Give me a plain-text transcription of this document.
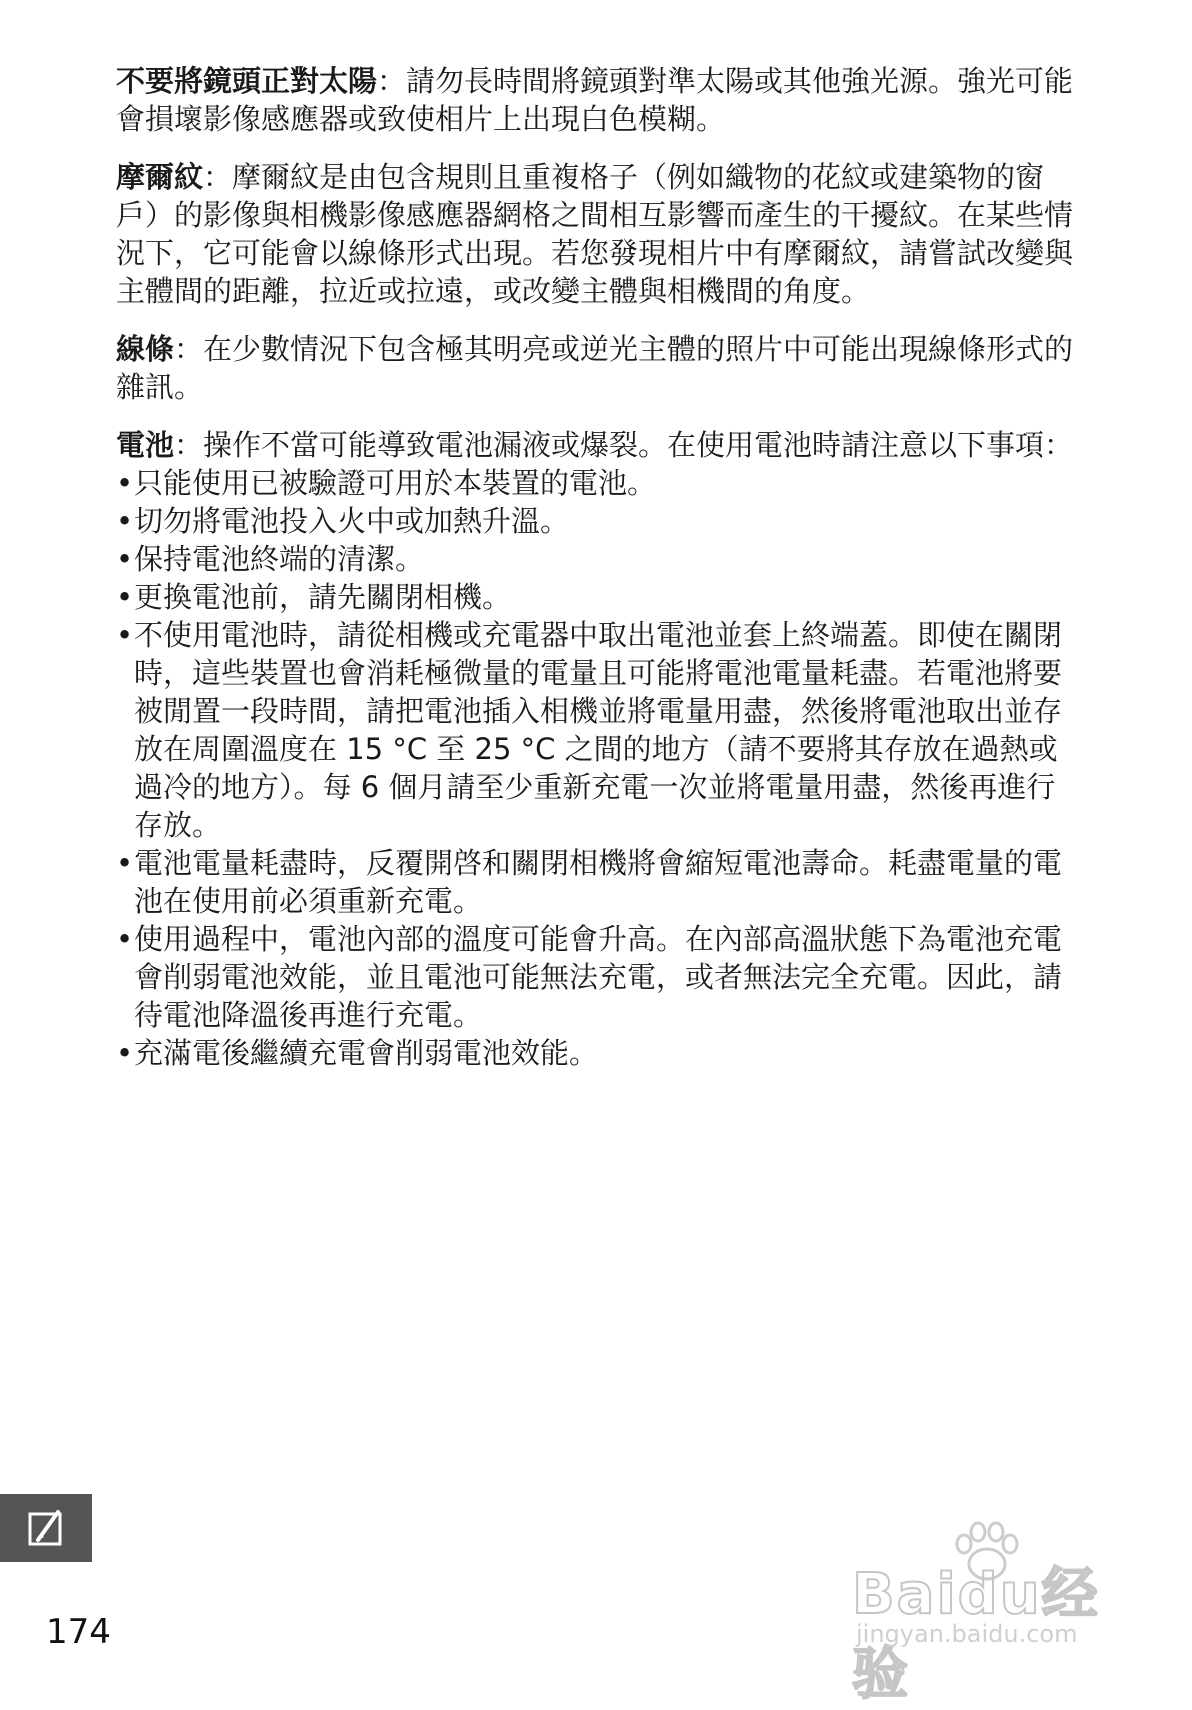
不要將鏡頭正對太陽：請勿長時間將鏡頭對準太陽或其他強光源。強光可能會損壞影像感應器或致使相片上出現白色模糊。

摩爾紋：摩爾紋是由包含規則且重複格子（例如織物的花紋或建築物的窗戶）的影像與相機影像感應器網格之間相互影響而產生的干擾紋。在某些情況下，它可能會以線條形式出現。若您發現相片中有摩爾紋，請嘗試改變與主體間的距離，拉近或拉遠，或改變主體與相機間的角度。

線條：在少數情況下包含極其明亮或逆光主體的照片中可能出現線條形式的雜訊。

電池：操作不當可能導致電池漏液或爆裂。在使用電池時請注意以下事項：

• 只能使用已被驗證可用於本裝置的電池。
• 切勿將電池投入火中或加熱升溫。
• 保持電池終端的清潔。
• 更換電池前，請先關閉相機。
• 不使用電池時，請從相機或充電器中取出電池並套上終端蓋。即使在關閉時，這些裝置也會消耗極微量的電量且可能將電池電量耗盡。若電池將要被閒置一段時間，請把電池插入相機並將電量用盡，然後將電池取出並存放在周圍溫度在 15 °C 至 25 °C 之間的地方（請不要將其存放在過熱或過冷的地方）。每 6 個月請至少重新充電一次並將電量用盡，然後再進行存放。
• 電池電量耗盡時，反覆開啓和關閉相機將會縮短電池壽命。耗盡電量的電池在使用前必須重新充電。
• 使用過程中，電池內部的溫度可能會升高。在內部高溫狀態下為電池充電會削弱電池效能，並且電池可能無法充電，或者無法完全充電。因此，請待電池降溫後再進行充電。
• 充滿電後繼續充電會削弱電池效能。
174
Baidu经验
jingyan.baidu.com
